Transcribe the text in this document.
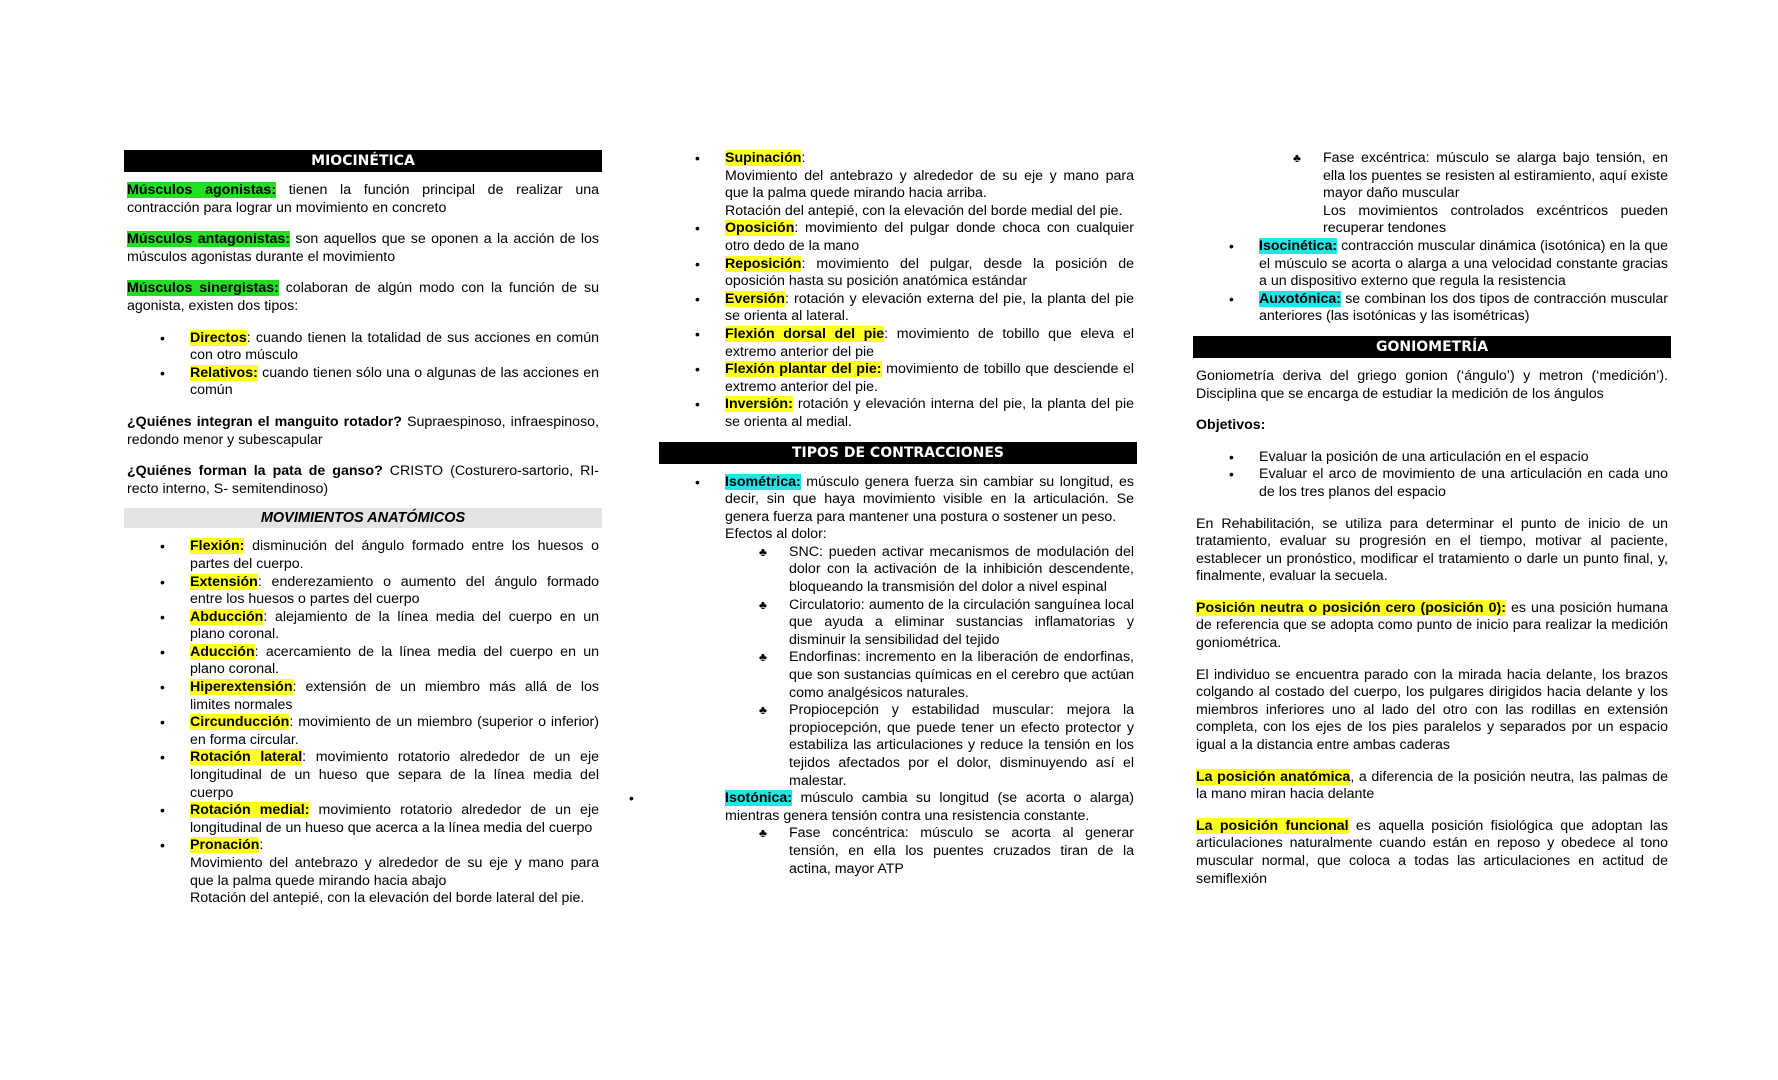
MIOCINÉTICA

Músculos agonistas: tienen la función principal de realizar una contracción para lograr un movimiento en concreto

Músculos antagonistas: son aquellos que se oponen a la acción de los músculos agonistas durante el movimiento

Músculos sinergistas: colaboran de algún modo con la función de su agonista, existen dos tipos:

• Directos: cuando tienen la totalidad de sus acciones en común con otro músculo
• Relativos: cuando tienen sólo una o algunas de las acciones en común

¿Quiénes integran el manguito rotador? Supraespinoso, infraespinoso, redondo menor y subescapular

¿Quiénes forman la pata de ganso? CRISTO (Costurero-sartorio, RI- recto interno, S- semitendinoso)

MOVIMIENTOS ANATÓMICOS
• Flexión: disminución del ángulo formado entre los huesos o partes del cuerpo.
• Extensión: enderezamiento o aumento del ángulo formado entre los huesos o partes del cuerpo
• Abducción: alejamiento de la línea media del cuerpo en un plano coronal.
• Aducción: acercamiento de la línea media del cuerpo en un plano coronal.
• Hiperextensión: extensión de un miembro más allá de los limites normales
• Circunducción: movimiento de un miembro (superior o inferior) en forma circular.
• Rotación lateral: movimiento rotatorio alrededor de un eje longitudinal de un hueso que separa de la línea media del cuerpo
• Rotación medial: movimiento rotatorio alrededor de un eje longitudinal de un hueso que acerca a la línea media del cuerpo
• Pronación:
Movimiento del antebrazo y alrededor de su eje y mano para que la palma quede mirando hacia abajo
Rotación del antepié, con la elevación del borde lateral del pie.
• Supinación:
Movimiento del antebrazo y alrededor de su eje y mano para que la palma quede mirando hacia arriba.
Rotación del antepié, con la elevación del borde medial del pie.
• Oposición: movimiento del pulgar donde choca con cualquier otro dedo de la mano
• Reposición: movimiento del pulgar, desde la posición de oposición hasta su posición anatómica estándar
• Eversión: rotación y elevación externa del pie, la planta del pie se orienta al lateral.
• Flexión dorsal del pie: movimiento de tobillo que eleva el extremo anterior del pie
• Flexión plantar del pie: movimiento de tobillo que desciende el extremo anterior del pie.
• Inversión: rotación y elevación interna del pie, la planta del pie se orienta al medial.
TIPOS DE CONTRACCIONES
• Isométrica: músculo genera fuerza sin cambiar su longitud, es decir, sin que haya movimiento visible en la articulación. Se genera fuerza para mantener una postura o sostener un peso.
Efectos al dolor:
♣ SNC: pueden activar mecanismos de modulación del dolor con la activación de la inhibición descendente, bloqueando la transmisión del dolor a nivel espinal
♣ Circulatorio: aumento de la circulación sanguínea local que ayuda a eliminar sustancias inflamatorias y disminuir la sensibilidad del tejido
♣ Endorfinas: incremento en la liberación de endorfinas, que son sustancias químicas en el cerebro que actúan como analgésicos naturales.
♣ Propiocepción y estabilidad muscular: mejora la propiocepción, que puede tener un efecto protector y estabiliza las articulaciones y reduce la tensión en los tejidos afectados por el dolor, disminuyendo así el malestar.
• Isotónica: músculo cambia su longitud (se acorta o alarga) mientras genera tensión contra una resistencia constante.
♣ Fase concéntrica: músculo se acorta al generar tensión, en ella los puentes cruzados tiran de la actina, mayor ATP
♣ Fase excéntrica: músculo se alarga bajo tensión, en ella los puentes se resisten al estiramiento, aquí existe mayor daño muscular
Los movimientos controlados excéntricos pueden recuperar tendones
• Isocinética: contracción muscular dinámica (isotónica) en la que el músculo se acorta o alarga a una velocidad constante gracias a un dispositivo externo que regula la resistencia
• Auxotónica: se combinan los dos tipos de contracción muscular anteriores (las isotónicas y las isométricas)
GONIOMETRÍA

Goniometría deriva del griego gonion (‘ángulo’) y metron (‘medición’). Disciplina que se encarga de estudiar la medición de los ángulos

Objetivos:

• Evaluar la posición de una articulación en el espacio
• Evaluar el arco de movimiento de una articulación en cada uno de los tres planos del espacio

En Rehabilitación, se utiliza para determinar el punto de inicio de un tratamiento, evaluar su progresión en el tiempo, motivar al paciente, establecer un pronóstico, modificar el tratamiento o darle un punto final, y, finalmente, evaluar la secuela.

Posición neutra o posición cero (posición 0): es una posición humana de referencia que se adopta como punto de inicio para realizar la medición goniométrica.

El individuo se encuentra parado con la mirada hacia delante, los brazos colgando al costado del cuerpo, los pulgares dirigidos hacia delante y los miembros inferiores uno al lado del otro con las rodillas en extensión completa, con los ejes de los pies paralelos y separados por un espacio igual a la distancia entre ambas caderas

La posición anatómica, a diferencia de la posición neutra, las palmas de la mano miran hacia delante

La posición funcional es aquella posición fisiológica que adoptan las articulaciones naturalmente cuando están en reposo y obedece al tono muscular normal, que coloca a todas las articulaciones en actitud de semiflexión
